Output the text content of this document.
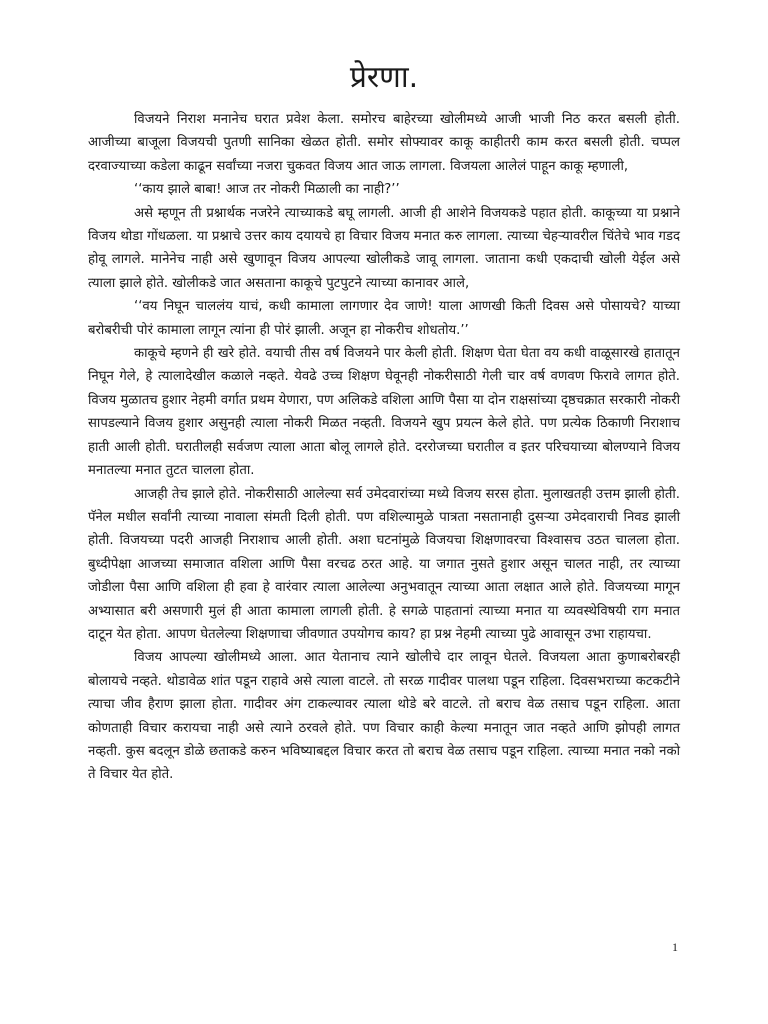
प्रेरणा.

विजयने निराश मनानेच घरात प्रवेश केला. समोरच बाहेरच्या खोलीमध्ये आजी भाजी निठ करत बसली होती. आजीच्या बाजूला विजयची पुतणी सानिका खेळत होती. समोर सोफ्यावर काकू काहीतरी काम करत बसली होती. चप्पल दरवाज्याच्या कडेला काढून सर्वांच्या नजरा चुकवत विजय आत जाऊ लागला. विजयला आलेलं पाहून काकू म्हणाली,

‘‘काय झाले बाबा! आज तर नोकरी मिळाली का नाही?’’

असे म्हणून ती प्रश्नार्थक नजरेने त्याच्याकडे बघू लागली. आजी ही आशेने विजयकडे पहात होती. काकूच्या या प्रश्नाने विजय थोडा गोंधळला. या प्रश्नाचे उत्तर काय दयायचे हा विचार विजय मनात करु लागला. त्याच्या चेहऱ्यावरील चिंतेचे भाव गडद होवू लागले. मानेनेच नाही असे खुणावून विजय आपल्या खोलीकडे जावू लागला. जाताना कधी एकदाची खोली येईल असे त्याला झाले होते. खोलीकडे जात असताना काकूचे पुटपुटने त्याच्या कानावर आले,

‘‘वय निघून चाललंय याचं, कधी कामाला लागणार देव जाणे! याला आणखी किती दिवस असे पोसायचे? याच्या बरोबरीची पोरं कामाला लागून त्यांना ही पोरं झाली. अजून हा नोकरीच शोधतोय.’’

काकूचे म्हणने ही खरे होते. वयाची तीस वर्ष विजयने पार केली होती. शिक्षण घेता घेता वय कधी वाळूसारखे हातातून निघून गेले, हे त्यालादेखील कळाले नव्हते. येवढे उच्च शिक्षण घेवूनही नोकरीसाठी गेली चार वर्ष वणवण फिरावे लागत होते. विजय मुळातच हुशार नेहमी वर्गात प्रथम येणारा, पण अलिकडे वशिला आणि पैसा या दोन राक्षसांच्या दृष्ठचक्रात सरकारी नोकरी सापडल्याने विजय हुशार असुनही त्याला नोकरी मिळत नव्हती. विजयने खुप प्रयत्न केले होते. पण प्रत्येक ठिकाणी निराशाच हाती आली होती. घरातीलही सर्वजण त्याला आता बोलू लागले होते. दररोजच्या घरातील व इतर परिचयाच्या बोलण्याने विजय मनातल्या मनात तुटत चालला होता.

आजही तेच झाले होते. नोकरीसाठी आलेल्या सर्व उमेदवारांच्या मध्ये विजय सरस होता. मुलाखतही उत्तम झाली होती. पॅनेल मधील सर्वांनी त्याच्या नावाला संमती दिली होती. पण वशिल्यामुळे पात्रता नसतानाही दुसऱ्या उमेदवाराची निवड झाली होती. विजयच्या पदरी आजही निराशाच आली होती. अशा घटनांमुळे विजयचा शिक्षणावरचा विश्वासच उठत चालला होता. बुध्दीपेक्षा आजच्या समाजात वशिला आणि पैसा वरचढ ठरत आहे. या जगात नुसते हुशार असून चालत नाही, तर त्याच्या जोडीला पैसा आणि वशिला ही हवा हे वारंवार त्याला आलेल्या अनुभवातून त्याच्या आता लक्षात आले होते. विजयच्या मागून अभ्यासात बरी असणारी मुलं ही आता कामाला लागली होती. हे सगळे पाहतानां त्याच्या मनात या व्यवस्थेविषयी राग मनात दाटून येत होता. आपण घेतलेल्या शिक्षणाचा जीवणात उपयोगच काय? हा प्रश्न नेहमी त्याच्या पुढे आवासून उभा राहायचा.

विजय आपल्या खोलीमध्ये आला. आत येतानाच त्याने खोलीचे दार लावून घेतले. विजयला आता कुणाबरोबरही बोलायचे नव्हते. थोडावेळ शांत पडून राहावे असे त्याला वाटले. तो सरळ गादीवर पालथा पडून राहिला. दिवसभराच्या कटकटीने त्याचा जीव हैराण झाला होता. गादीवर अंग टाकल्यावर त्याला थोडे बरे वाटले. तो बराच वेळ तसाच पडून राहिला. आता कोणताही विचार करायचा नाही असे त्याने ठरवले होते. पण विचार काही केल्या मनातून जात नव्हते आणि झोपही लागत नव्हती. कुस बदलून डोळे छताकडे करुन भविष्याबद्दल विचार करत तो बराच वेळ तसाच पडून राहिला. त्याच्या मनात नको नको ते विचार येत होते.

1
